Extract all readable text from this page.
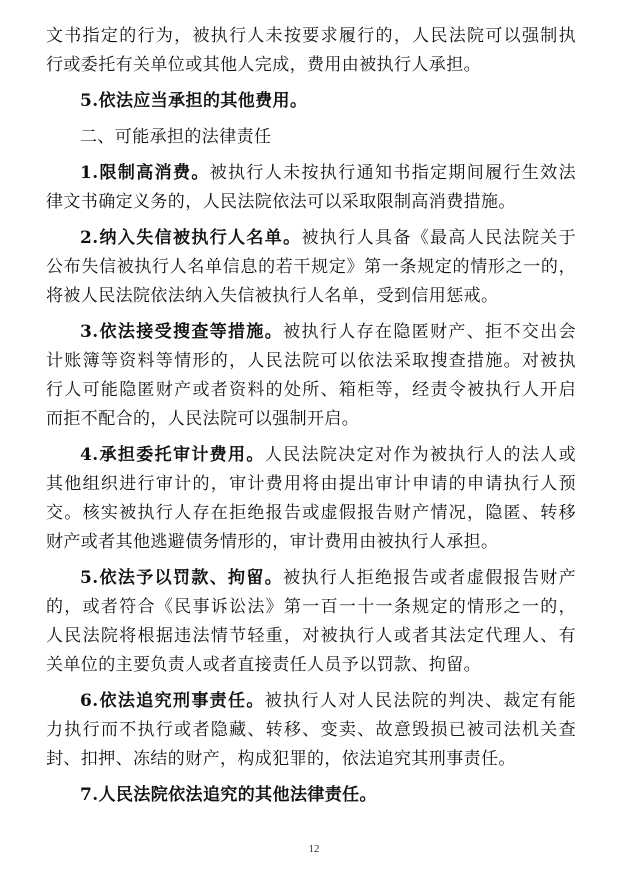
文书指定的行为，被执行人未按要求履行的，人民法院可以强制执
行或委托有关单位或其他人完成，费用由被执行人承担。
5.依法应当承担的其他费用。
二、可能承担的法律责任
1.限制高消费。被执行人未按执行通知书指定期间履行生效法
律文书确定义务的，人民法院依法可以采取限制高消费措施。
2.纳入失信被执行人名单。被执行人具备《最高人民法院关于
公布失信被执行人名单信息的若干规定》第一条规定的情形之一的，
将被人民法院依法纳入失信被执行人名单，受到信用惩戒。
3.依法接受搜查等措施。被执行人存在隐匿财产、拒不交出会
计账簿等资料等情形的，人民法院可以依法采取搜查措施。对被执
行人可能隐匿财产或者资料的处所、箱柜等，经责令被执行人开启
而拒不配合的，人民法院可以强制开启。
4.承担委托审计费用。人民法院决定对作为被执行人的法人或
其他组织进行审计的，审计费用将由提出审计申请的申请执行人预
交。核实被执行人存在拒绝报告或虚假报告财产情况，隐匿、转移
财产或者其他逃避债务情形的，审计费用由被执行人承担。
5.依法予以罚款、拘留。被执行人拒绝报告或者虚假报告财产
的，或者符合《民事诉讼法》第一百一十一条规定的情形之一的，
人民法院将根据违法情节轻重，对被执行人或者其法定代理人、有
关单位的主要负责人或者直接责任人员予以罚款、拘留。
6.依法追究刑事责任。被执行人对人民法院的判决、裁定有能
力执行而不执行或者隐藏、转移、变卖、故意毁损已被司法机关查
封、扣押、冻结的财产，构成犯罪的，依法追究其刑事责任。
7.人民法院依法追究的其他法律责任。
12
